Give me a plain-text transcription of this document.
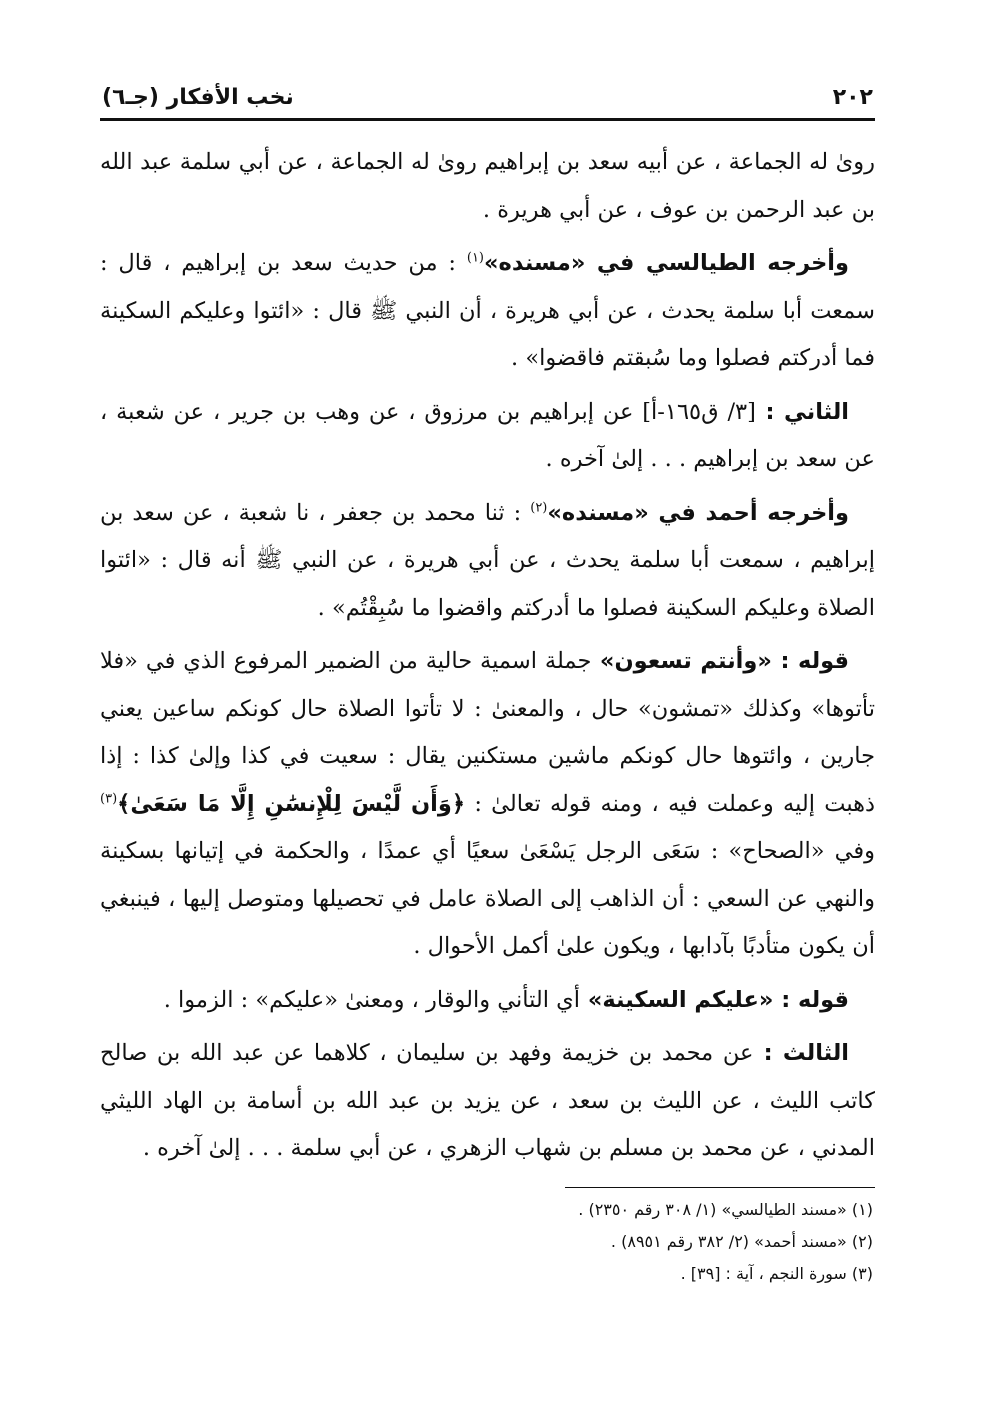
٢٠٢
نخب الأفكار (جـ٦)

روىٰ له الجماعة ، عن أبيه سعد بن إبراهيم روىٰ له الجماعة ، عن أبي سلمة عبد الله بن عبد الرحمن بن عوف ، عن أبي هريرة .

وأخرجه الطيالسي في «مسنده»$^{(١)}$ : من حديث سعد بن إبراهيم ، قال : سمعت أبا سلمة يحدث ، عن أبي هريرة ، أن النبي ﷺ قال : «ائتوا وعليكم السكينة فما أدركتم فصلوا وما سُبقتم فاقضوا» .

الثاني : [٣/ ق١٦٥-أ] عن إبراهيم بن مرزوق ، عن وهب بن جرير ، عن شعبة ، عن سعد بن إبراهيم . . . إلىٰ آخره .

وأخرجه أحمد في «مسنده»$^{(٢)}$ : ثنا محمد بن جعفر ، نا شعبة ، عن سعد بن إبراهيم ، سمعت أبا سلمة يحدث ، عن أبي هريرة ، عن النبي ﷺ أنه قال : «ائتوا الصلاة وعليكم السكينة فصلوا ما أدركتم واقضوا ما سُبِقْتُم» .

قوله : «وأنتم تسعون» جملة اسمية حالية من الضمير المرفوع الذي في «فلا تأتوها» وكذلك «تمشون» حال ، والمعنىٰ : لا تأتوا الصلاة حال كونكم ساعين يعني جارين ، وائتوها حال كونكم ماشين مستكنين يقال : سعيت في كذا وإلىٰ كذا : إذا ذهبت إليه وعملت فيه ، ومنه قوله تعالىٰ : ﴿وَأَن لَّيْسَ لِلْإِنسَٰنِ إِلَّا مَا سَعَىٰ﴾$^{(٣)}$ وفي «الصحاح» : سَعَى الرجل يَسْعَىٰ سعيًا أي عمدًا ، والحكمة في إتيانها بسكينة والنهي عن السعي : أن الذاهب إلى الصلاة عامل في تحصيلها ومتوصل إليها ، فينبغي أن يكون متأدبًا بآدابها ، ويكون علىٰ أكمل الأحوال .

قوله : «عليكم السكينة» أي التأني والوقار ، ومعنىٰ «عليكم» : الزموا .

الثالث : عن محمد بن خزيمة وفهد بن سليمان ، كلاهما عن عبد الله بن صالح كاتب الليث ، عن الليث بن سعد ، عن يزيد بن عبد الله بن أسامة بن الهاد الليثي المدني ، عن محمد بن مسلم بن شهاب الزهري ، عن أبي سلمة . . . إلىٰ آخره .

(١) «مسند الطيالسي» (١/ ٣٠٨ رقم ٢٣٥٠) .

(٢) «مسند أحمد» (٢/ ٣٨٢ رقم ٨٩٥١) .

(٣) سورة النجم ، آية : [٣٩] .
